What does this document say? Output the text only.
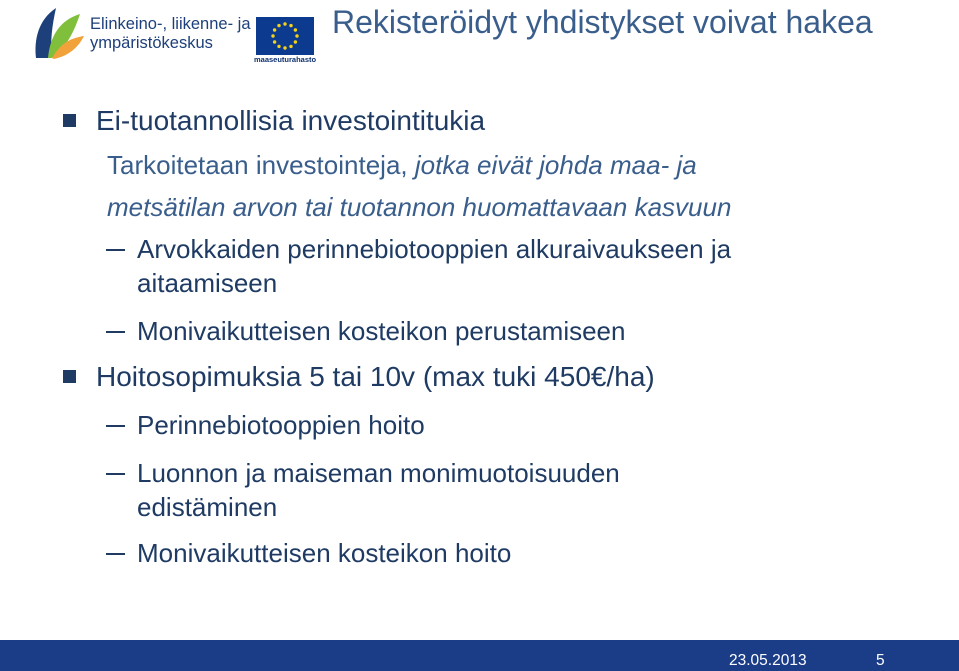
Elinkeino-, liikenne- ja
ympäristökeskus
maaseuturahasto
Rekisteröidyt yhdistykset voivat hakea
Ei-tuotannollisia investointitukia
Tarkoitetaan investointeja, jotka eivät johda maa- ja
metsätilan arvon tai tuotannon huomattavaan kasvuun
Arvokkaiden perinnebiotooppien alkuraivaukseen ja
aitaamiseen
Monivaikutteisen kosteikon perustamiseen
Hoitosopimuksia 5 tai 10v (max tuki 450€/ha)
Perinnebiotooppien hoito
Luonnon ja maiseman monimuotoisuuden
edistäminen
Monivaikutteisen kosteikon hoito
23.05.2013	5
